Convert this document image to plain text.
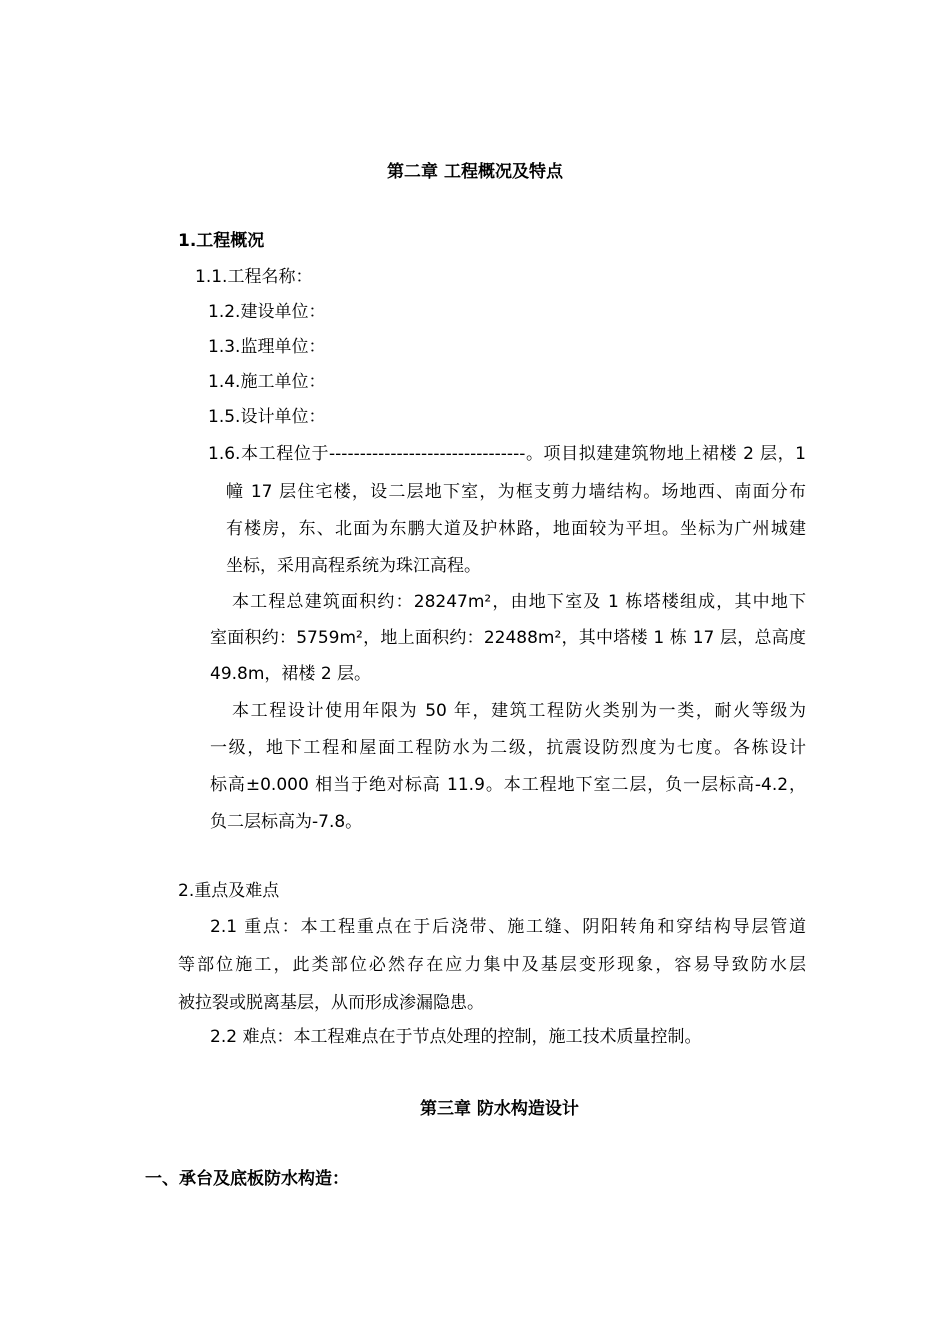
第二章 工程概况及特点
1.工程概况
1.1.工程名称：
1.2.建设单位：
1.3.监理单位：
1.4.施工单位：
1.5.设计单位：
1.6.本工程位于--------------------------------。项目拟建建筑物地上裙楼 2 层，1
幢 17 层住宅楼，设二层地下室，为框支剪力墙结构。场地西、南面分布
有楼房，东、北面为东鹏大道及护林路，地面较为平坦。坐标为广州城建
坐标，采用高程系统为珠江高程。
本工程总建筑面积约：28247m²，由地下室及 1 栋塔楼组成，其中地下
室面积约：5759m²，地上面积约：22488m²，其中塔楼 1 栋 17 层，总高度
49.8m，裙楼 2 层。
本工程设计使用年限为 50 年，建筑工程防火类别为一类，耐火等级为
一级，地下工程和屋面工程防水为二级，抗震设防烈度为七度。各栋设计
标高±0.000 相当于绝对标高 11.9。本工程地下室二层，负一层标高-4.2，
负二层标高为-7.8。
2.重点及难点
2.1 重点：本工程重点在于后浇带、施工缝、阴阳转角和穿结构导层管道
等部位施工，此类部位必然存在应力集中及基层变形现象，容易导致防水层
被拉裂或脱离基层，从而形成渗漏隐患。
2.2 难点：本工程难点在于节点处理的控制，施工技术质量控制。
第三章 防水构造设计
一、承台及底板防水构造：
